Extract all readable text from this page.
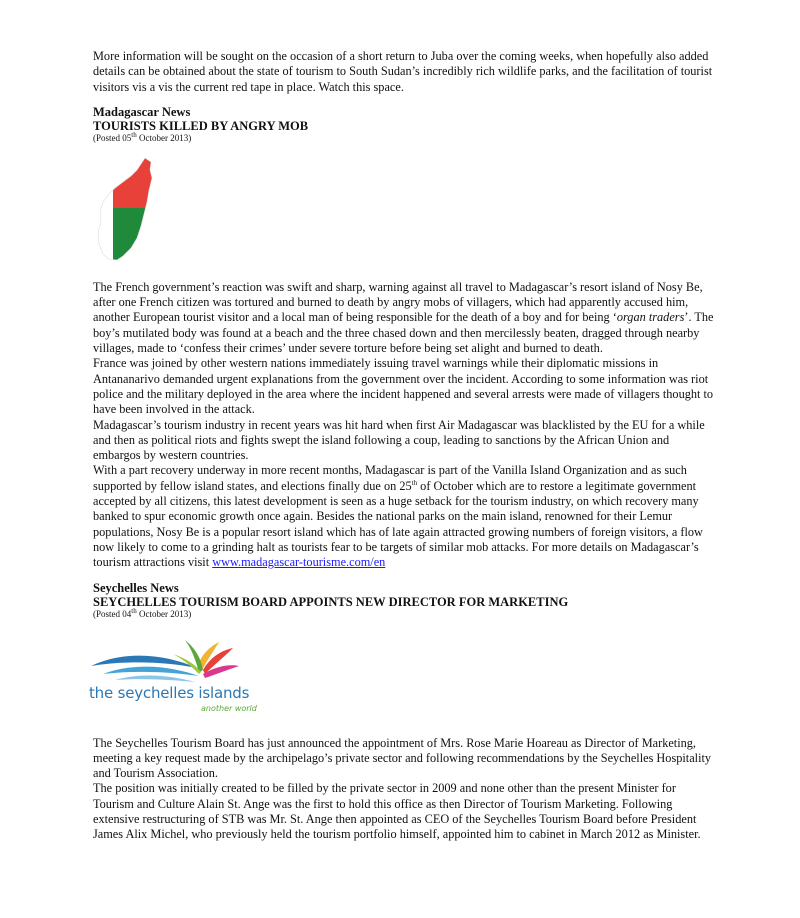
More information will be sought on the occasion of a short return to Juba over the coming weeks, when hopefully also added details can be obtained about the state of tourism to South Sudan’s incredibly rich wildlife parks, and the facilitation of tourist visitors vis a vis the current red tape in place. Watch this space.

Madagascar News
TOURISTS KILLED BY ANGRY MOB
(Posted 05th October 2013)

The French government’s reaction was swift and sharp, warning against all travel to Madagascar’s resort island of Nosy Be, after one French citizen was tortured and burned to death by angry mobs of villagers, which had apparently accused him, another European tourist visitor and a local man of being responsible for the death of a boy and for being ‘organ traders’. The boy’s mutilated body was found at a beach and the three chased down and then mercilessly beaten, dragged through nearby villages, made to ‘confess their crimes’ under severe torture before being set alight and burned to death.

France was joined by other western nations immediately issuing travel warnings while their diplomatic missions in Antananarivo demanded urgent explanations from the government over the incident. According to some information was riot police and the military deployed in the area where the incident happened and several arrests were made of villagers thought to have been involved in the attack.

Madagascar’s tourism industry in recent years was hit hard when first Air Madagascar was blacklisted by the EU for a while and then as political riots and fights swept the island following a coup, leading to sanctions by the African Union and embargos by western countries.

With a part recovery underway in more recent months, Madagascar is part of the Vanilla Island Organization and as such supported by fellow island states, and elections finally due on 25th of October which are to restore a legitimate government accepted by all citizens, this latest development is seen as a huge setback for the tourism industry, on which recovery many banked to spur economic growth once again. Besides the national parks on the main island, renowned for their Lemur populations, Nosy Be is a popular resort island which has of late again attracted growing numbers of foreign visitors, a flow now likely to come to a grinding halt as tourists fear to be targets of similar mob attacks. For more details on Madagascar’s tourism attractions visit www.madagascar-tourisme.com/en

Seychelles News
SEYCHELLES TOURISM BOARD APPOINTS NEW DIRECTOR FOR MARKETING
(Posted 04th October 2013)
the seychelles islands
another world

The Seychelles Tourism Board has just announced the appointment of Mrs. Rose Marie Hoareau as Director of Marketing, meeting a key request made by the archipelago’s private sector and following recommendations by the Seychelles Hospitality and Tourism Association.

The position was initially created to be filled by the private sector in 2009 and none other than the present Minister for Tourism and Culture Alain St. Ange was the first to hold this office as then Director of Tourism Marketing. Following extensive restructuring of STB was Mr. St. Ange then appointed as CEO of the Seychelles Tourism Board before President James Alix Michel, who previously held the tourism portfolio himself, appointed him to cabinet in March 2012 as Minister.
